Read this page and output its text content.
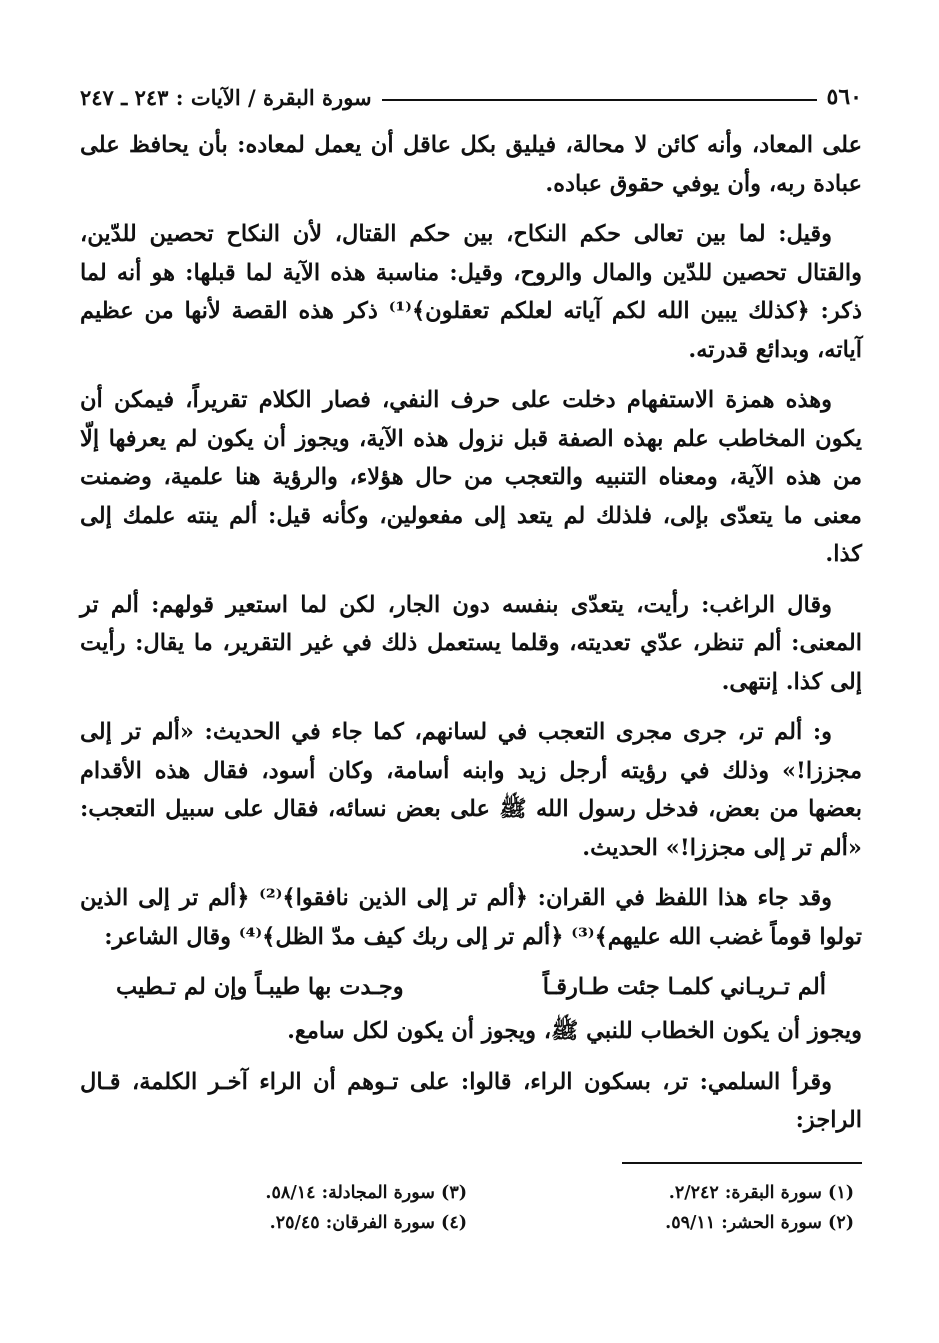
٥٦٠
سورة البقرة / الآيات : ٢٤٣ ـ ٢٤٧

على المعاد، وأنه كائن لا محالة، فيليق بكل عاقل أن يعمل لمعاده: بأن يحافظ على عبادة ربه، وأن يوفي حقوق عباده.

وقيل: لما بين تعالى حكم النكاح، بين حكم القتال، لأن النكاح تحصين للدّين، والقتال تحصين للدّين والمال والروح، وقيل: مناسبة هذه الآية لما قبلها: هو أنه لما ذكر: ﴿كذلك يبين الله لكم آياته لعلكم تعقلون﴾⁽¹⁾ ذكر هذه القصة لأنها من عظيم آياته، وبدائع قدرته.

وهذه همزة الاستفهام دخلت على حرف النفي، فصار الكلام تقريراً، فيمكن أن يكون المخاطب علم بهذه الصفة قبل نزول هذه الآية، ويجوز أن يكون لم يعرفها إلّا من هذه الآية، ومعناه التنبيه والتعجب من حال هؤلاء، والرؤية هنا علمية، وضمنت معنى ما يتعدّى بإلى، فلذلك لم يتعد إلى مفعولين، وكأنه قيل: ألم ينته علمك إلى كذا.

وقال الراغب: رأيت، يتعدّى بنفسه دون الجار، لكن لما استعير قولهم: ألم تر المعنى: ألم تنظر، عدّي تعديته، وقلما يستعمل ذلك في غير التقرير، ما يقال: رأيت إلى كذا. إنتهى.

و: ألم تر، جرى مجرى التعجب في لسانهم، كما جاء في الحديث: «ألم تر إلى مجززا!» وذلك في رؤيته أرجل زيد وابنه أسامة، وكان أسود، فقال هذه الأقدام بعضها من بعض، فدخل رسول الله ﷺ على بعض نسائه، فقال على سبيل التعجب: «ألم تر إلى مجززا!» الحديث.

وقد جاء هذا اللفظ في القران: ﴿ألم تر إلى الذين نافقوا﴾⁽²⁾ ﴿ألم تر إلى الذين تولوا قوماً غضب الله عليهم﴾⁽³⁾ ﴿ألم تر إلى ربك كيف مدّ الظل﴾⁽⁴⁾ وقال الشاعر:

ألم تـريـاني كلمـا جئت طـارقـاً
وجـدت بها طيبـاً وإن لم تـطيب

ويجوز أن يكون الخطاب للنبي ﷺ، ويجوز أن يكون لكل سامع.

وقرأ السلمي: تر، بسكون الراء، قالوا: على تـوهم أن الراء آخـر الكلمة، قـال الراجز:

(١) سورة البقرة: ٢/٢٤٢.
(٣) سورة المجادلة: ٥٨/١٤.
(٢) سورة الحشر: ٥٩/١١.
(٤) سورة الفرقان: ٢٥/٤٥.
